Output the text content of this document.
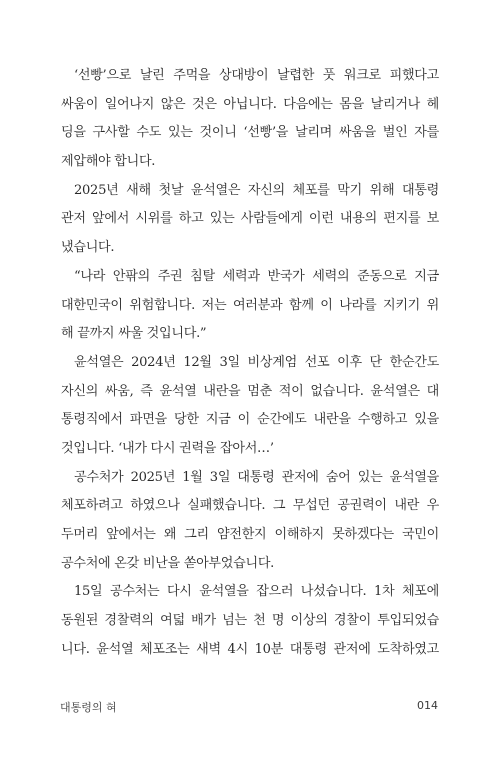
‘선빵’으로 날린 주먹을 상대방이 날렵한 풋 워크로 피했다고
싸움이 일어나지 않은 것은 아닙니다. 다음에는 몸을 날리거나 헤
딩을 구사할 수도 있는 것이니 ‘선빵’을 날리며 싸움을 벌인 자를
제압해야 합니다.
2025년 새해 첫날 윤석열은 자신의 체포를 막기 위해 대통령
관저 앞에서 시위를 하고 있는 사람들에게 이런 내용의 편지를 보
냈습니다.
“나라 안팎의 주권 침탈 세력과 반국가 세력의 준동으로 지금
대한민국이 위험합니다. 저는 여러분과 함께 이 나라를 지키기 위
해 끝까지 싸울 것입니다.”
윤석열은 2024년 12월 3일 비상계엄 선포 이후 단 한순간도
자신의 싸움, 즉 윤석열 내란을 멈춘 적이 없습니다. 윤석열은 대
통령직에서 파면을 당한 지금 이 순간에도 내란을 수행하고 있을
것입니다. ‘내가 다시 권력을 잡아서…’
공수처가 2025년 1월 3일 대통령 관저에 숨어 있는 윤석열을
체포하려고 하였으나 실패했습니다. 그 무섭던 공권력이 내란 우
두머리 앞에서는 왜 그리 얌전한지 이해하지 못하겠다는 국민이
공수처에 온갖 비난을 쏟아부었습니다.
15일 공수처는 다시 윤석열을 잡으러 나섰습니다. 1차 체포에
동원된 경찰력의 여덟 배가 넘는 천 명 이상의 경찰이 투입되었습
니다. 윤석열 체포조는 새벽 4시 10분 대통령 관저에 도착하였고
대통령의 혀	014
